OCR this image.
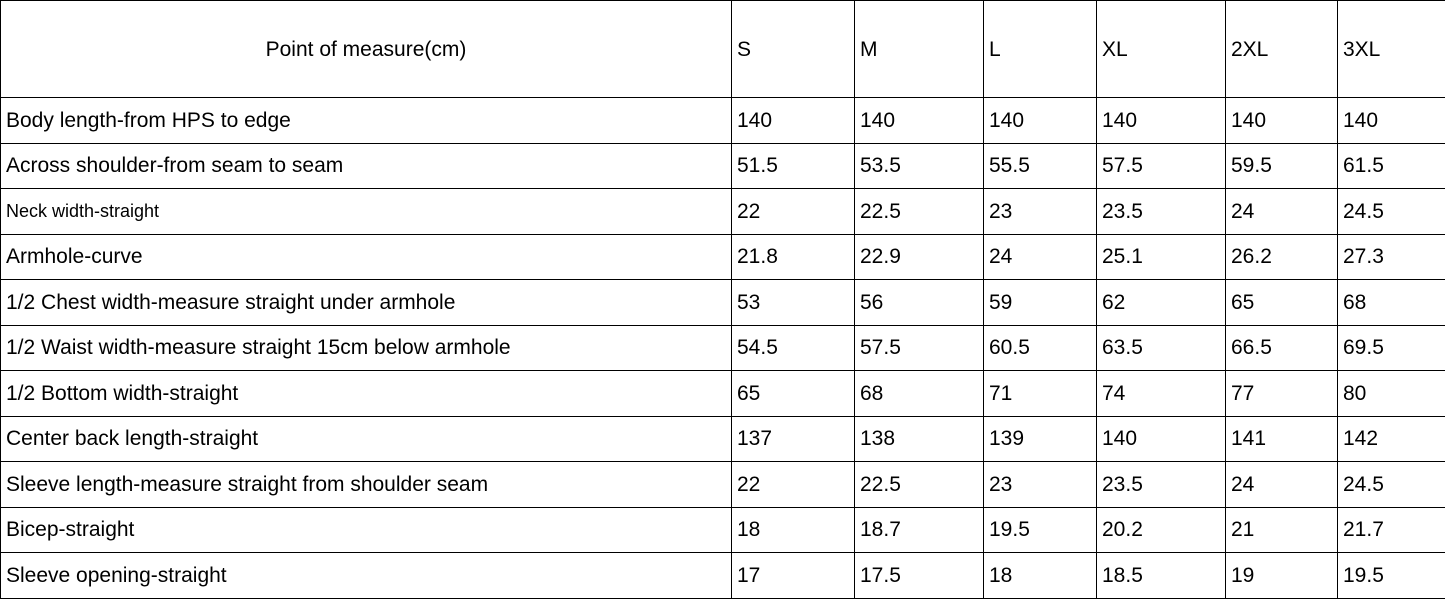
Point of measure(cm)	S	M	L	XL	2XL	3XL
Body length-from HPS to edge	140	140	140	140	140	140
Across shoulder-from seam to seam	51.5	53.5	55.5	57.5	59.5	61.5
Neck width-straight	22	22.5	23	23.5	24	24.5
Armhole-curve	21.8	22.9	24	25.1	26.2	27.3
1/2 Chest width-measure straight under armhole	53	56	59	62	65	68
1/2 Waist width-measure straight 15cm below armhole	54.5	57.5	60.5	63.5	66.5	69.5
1/2 Bottom width-straight	65	68	71	74	77	80
Center back length-straight	137	138	139	140	141	142
Sleeve length-measure straight from shoulder seam	22	22.5	23	23.5	24	24.5
Bicep-straight	18	18.7	19.5	20.2	21	21.7
Sleeve opening-straight	17	17.5	18	18.5	19	19.5
